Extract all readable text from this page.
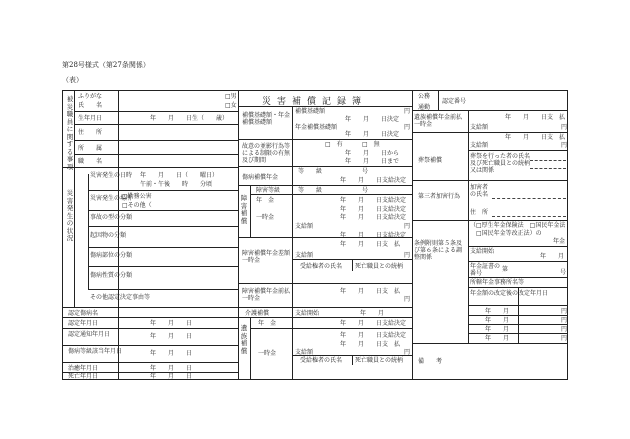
第28号様式（第27条関係）
（表）
被災職員に関する事項
ふりがな
氏　　名
□男
□女
生年月日	年　　月　　日生（　　歳）
住　　所
所　　属
職　　名
災害発生の状況
災害発生の日時 年　　月　　日（　　曜日）
午前・午後　　時　　分頃
災害発生の場所
□勤務公害
□その他（
事故の型の分類
起因物の分類
傷病部位の分類
傷病性質の分類
その他認定決定事由等
認定傷病名
認定年月日	年　　月　　日
認定通知年月日	年　　月　　日
傷病等級該当年月日	年　　月　　日
治癒年月日	年　　月　　日
死亡年月日	年　　月　　日
災害補償記録簿
補償基礎額・年金補償基礎額
補償基礎額	円
年　　月　　日決定
年金補償基礎額	円
年　　月　　日決定
故意の並影行為等による制限の有無及び期間
□　有	□　無
年　　月　　日から
年　　月　　日まで
傷病補償年金
等　　級	号
年　　月　　日支給決定
障害補償
障害等級	等　　級	号
年　金	年　　月　　日支給決定
一時金
年　　月　　日支給決定
年　　月　　日支給決定
支給額	円
障害補償年金差額一時金
年　　月　　日支給決定
年　　月　　日支　払
支給額	円
受給権者の氏名 死亡職員との続柄
障害補償年金前払一時金
年　　月　　日支　払
円
介護補償	支給開始	年　　月
遺族補償
年　金	年　　月　　日支給決定
一時金
年　　月　　日支給決定
年　　月　　日支　払
支給額	円
受給権者の氏名 死亡職員との続柄
公務
通勤
認定番号
遺族補償年金前払一時金
年　　月　　日支　払
支給額	円
年　　月　　日支　払
支給額	円
葬祭補償
葬祭を行った者の氏名及び死亡職員との続柄又は関係
第三者加害行為
加害者の氏名
住　所
条例附則第５条及び第６条による調整関係
（□厚生年金保険法　□国民年金法
□国民年金等改正法）の
年金
支給開始
年　　月
年金証書の番号
第	号
所轄年金事務所名等
年金額の改定後の改定年月日
年　　月	円
年　　月	円
年　　月	円
年　　月	円
備　　考
